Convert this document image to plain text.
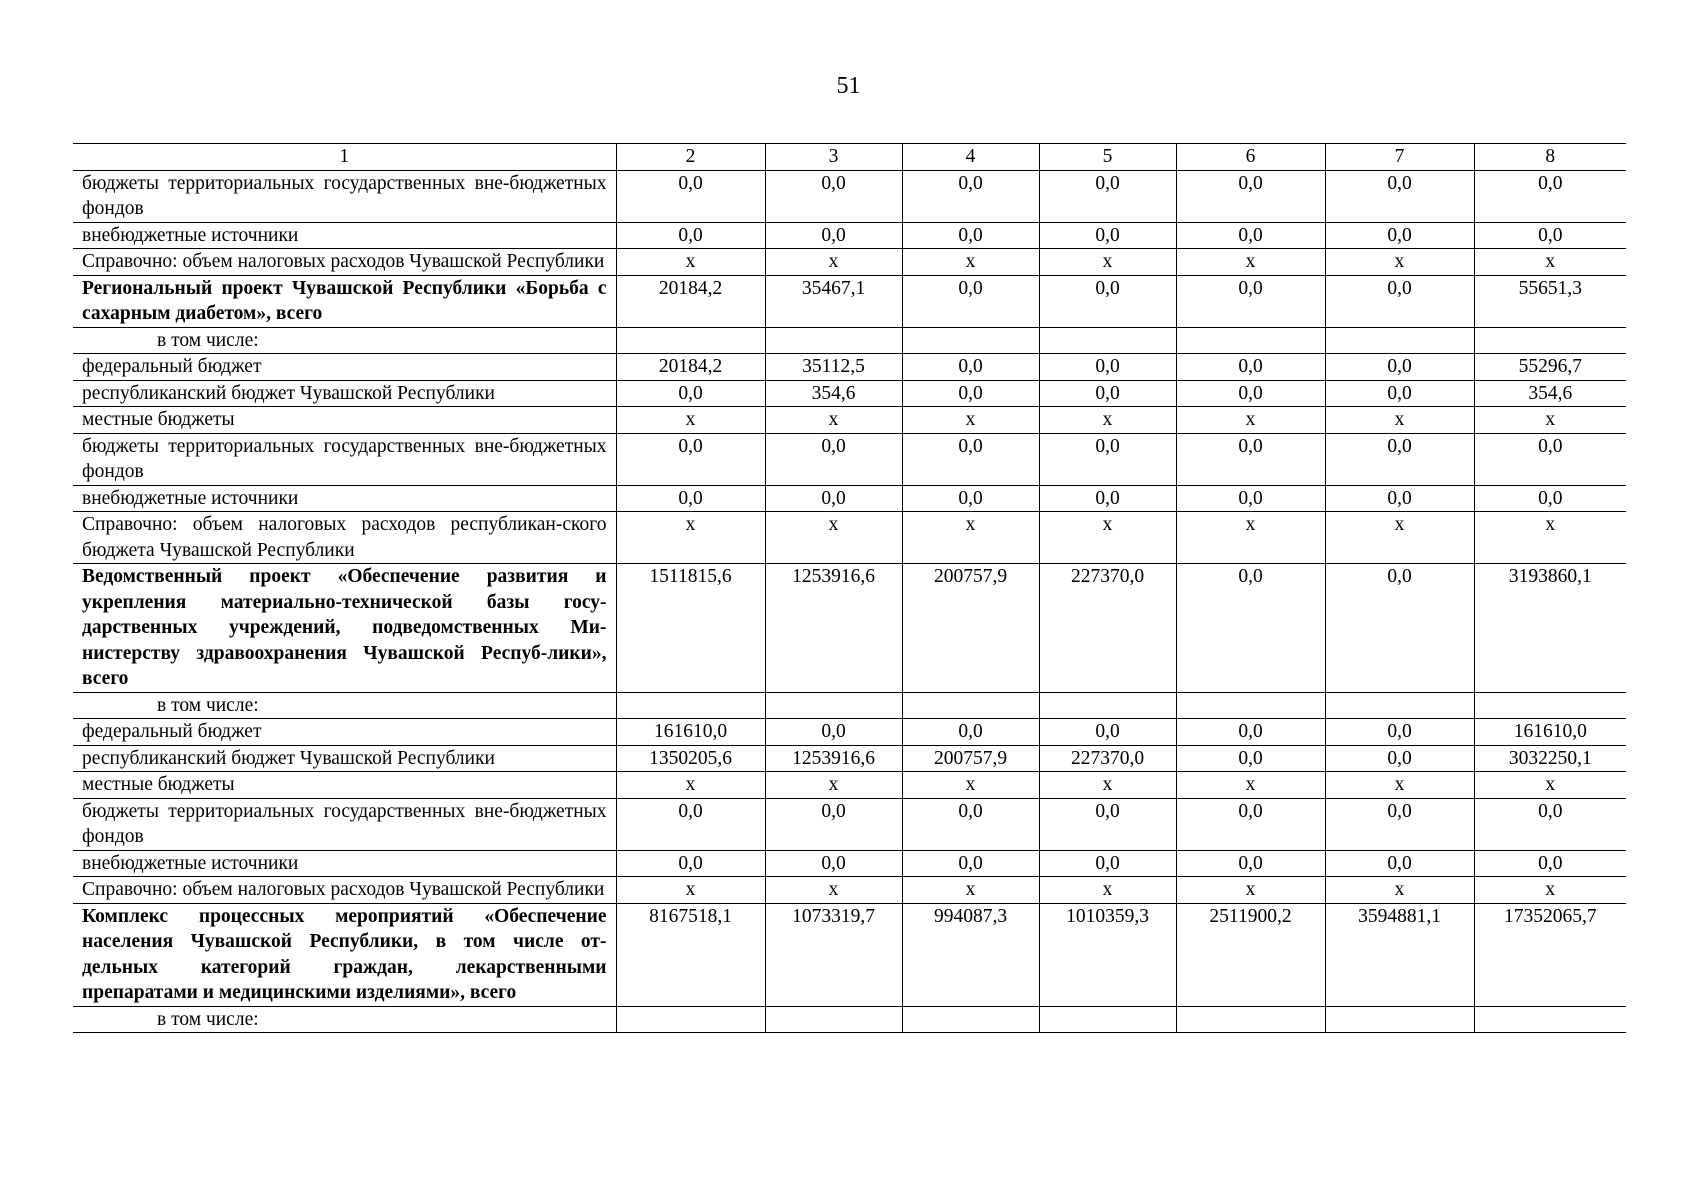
51
1	2	3	4	5	6	7	8
бюджеты территориальных государственных вне-бюджетных фондов	0,0	0,0	0,0	0,0	0,0	0,0	0,0
внебюджетные источники	0,0	0,0	0,0	0,0	0,0	0,0	0,0
Справочно: объем налоговых расходов Чувашской Республики	x	x	x	x	x	x	x
Региональный проект Чувашской Республики «Борьба с сахарным диабетом», всего	20184,2	35467,1	0,0	0,0	0,0	0,0	55651,3
в том числе:							
федеральный бюджет	20184,2	35112,5	0,0	0,0	0,0	0,0	55296,7
республиканский бюджет Чувашской Республики	0,0	354,6	0,0	0,0	0,0	0,0	354,6
местные бюджеты	x	x	x	x	x	x	x
бюджеты территориальных государственных вне-бюджетных фондов	0,0	0,0	0,0	0,0	0,0	0,0	0,0
внебюджетные источники	0,0	0,0	0,0	0,0	0,0	0,0	0,0
Справочно: объем налоговых расходов республикан-ского бюджета Чувашской Республики	x	x	x	x	x	x	x
Ведомственный проект «Обеспечение развития и укрепления материально-технической базы госу-дарственных учреждений, подведомственных Ми-нистерству здравоохранения Чувашской Респуб-лики», всего	1511815,6	1253916,6	200757,9	227370,0	0,0	0,0	3193860,1
в том числе:							
федеральный бюджет	161610,0	0,0	0,0	0,0	0,0	0,0	161610,0
республиканский бюджет Чувашской Республики	1350205,6	1253916,6	200757,9	227370,0	0,0	0,0	3032250,1
местные бюджеты	x	x	x	x	x	x	x
бюджеты территориальных государственных вне-бюджетных фондов	0,0	0,0	0,0	0,0	0,0	0,0	0,0
внебюджетные источники	0,0	0,0	0,0	0,0	0,0	0,0	0,0
Справочно: объем налоговых расходов Чувашской Республики	x	x	x	x	x	x	x
Комплекс процессных мероприятий «Обеспечение населения Чувашской Республики, в том числе от-дельных категорий граждан, лекарственными препаратами и медицинскими изделиями», всего	8167518,1	1073319,7	994087,3	1010359,3	2511900,2	3594881,1	17352065,7
в том числе:							
